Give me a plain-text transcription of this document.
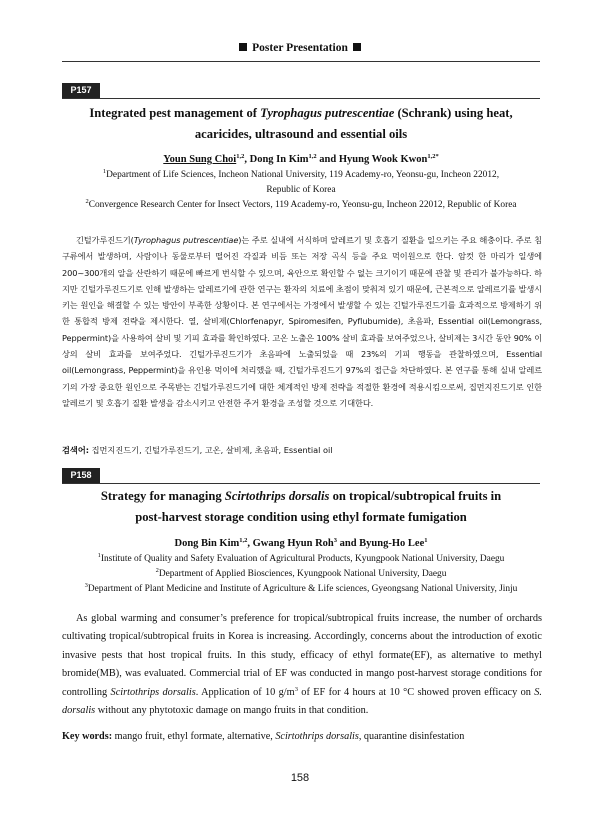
Poster Presentation
P157
Integrated pest management of Tyrophagus putrescentiae (Schrank) using heat,
acaricides, ultrasound and essential oils
Youn Sung Choi$^{1,2}$, Dong In Kim$^{1,2}$ and Hyung Wook Kwon$^{1,2*}$
$^1$Department of Life Sciences, Incheon National University, 119 Academy-ro, Yeonsu-gu, Incheon 22012,
Republic of Korea
$^2$Convergence Research Center for Insect Vectors, 119 Academy-ro, Yeonsu-gu, Incheon 22012, Republic of Korea
긴털가루진드기(Tyrophagus putrescentiae)는 주로 실내에 서식하며 알레르기 및 호흡기 질환을 일으키는 주요 해충이다. 주로 침구류에서 발생하며, 사람이나 동물로부터 떨어진 각질과 비듬 또는 저장 곡식 등을 주요 먹이원으로 한다. 암컷 한 마리가 일생에 200~300개의 알을 산란하기 때문에 빠르게 번식할 수 있으며, 육안으로 확인할 수 없는 크기이기 때문에 관찰 및 관리가 불가능하다. 하지만 긴털가루진드기로 인해 발생하는 알레르기에 관한 연구는 환자의 치료에 초점이 맞춰져 있기 때문에, 근본적으로 알레르기를 발생시키는 원인을 해결할 수 있는 방안이 부족한 상황이다. 본 연구에서는 가정에서 발생할 수 있는 긴털가루진드기를 효과적으로 방제하기 위한 통합적 방제 전략을 제시한다. 열, 살비제(Chlorfenapyr, Spiromesifen, Pyflubumide), 초음파, Essential oil(Lemongrass, Peppermint)을 사용하여 살비 및 기피 효과를 확인하였다. 고온 노출은 100% 살비 효과를 보여주었으나, 살비제는 3시간 동안 90% 이상의 살비 효과를 보여주었다. 긴털가루진드기가 초음파에 노출되었을 때 23%의 기피 행동을 관찰하였으며, Essential oil(Lemongrass, Peppermint)을 유인용 먹이에 처리했을 때, 긴털가루진드기 97%의 접근을 차단하였다. 본 연구를 통해 실내 알레르기의 가장 중요한 원인으로 주목받는 긴털가루진드기에 대한 체계적인 방제 전략을 적절한 환경에 적용시킴으로써, 집먼지진드기로 인한 알레르기 및 호흡기 질환 발생을 감소시키고 안전한 주거 환경을 조성할 것으로 기대한다.
검색어: 집먼지진드기, 긴털가루진드기, 고온, 살비제, 초음파, Essential oil
P158
Strategy for managing Scirtothrips dorsalis on tropical/subtropical fruits in
post-harvest storage condition using ethyl formate fumigation
Dong Bin Kim$^{1,2}$, Gwang Hyun Roh$^3$ and Byung-Ho Lee$^1$
$^1$Institute of Quality and Safety Evaluation of Agricultural Products, Kyungpook National University, Daegu
$^2$Department of Applied Biosciences, Kyungpook National University, Daegu
$^3$Department of Plant Medicine and Institute of Agriculture & Life sciences, Gyeongsang National University, Jinju
As global warming and consumer’s preference for tropical/subtropical fruits increase, the number of orchards cultivating tropical/subtropical fruits in Korea is increasing. Accordingly, concerns about the introduction of exotic invasive pests that host tropical fruits. In this study, efficacy of ethyl formate(EF), as alternative to methyl bromide(MB), was evaluated. Commercial trial of EF was conducted in mango post-harvest storage conditions for controlling Scirtothrips dorsalis. Application of 10 $g/m^3$ of EF for 4 hours at 10 °C showed proven efficacy on S. dorsalis without any phytotoxic damage on mango fruits in that condition.
Key words: mango fruit, ethyl formate, alternative, Scirtothrips dorsalis, quarantine disinfestation
158
